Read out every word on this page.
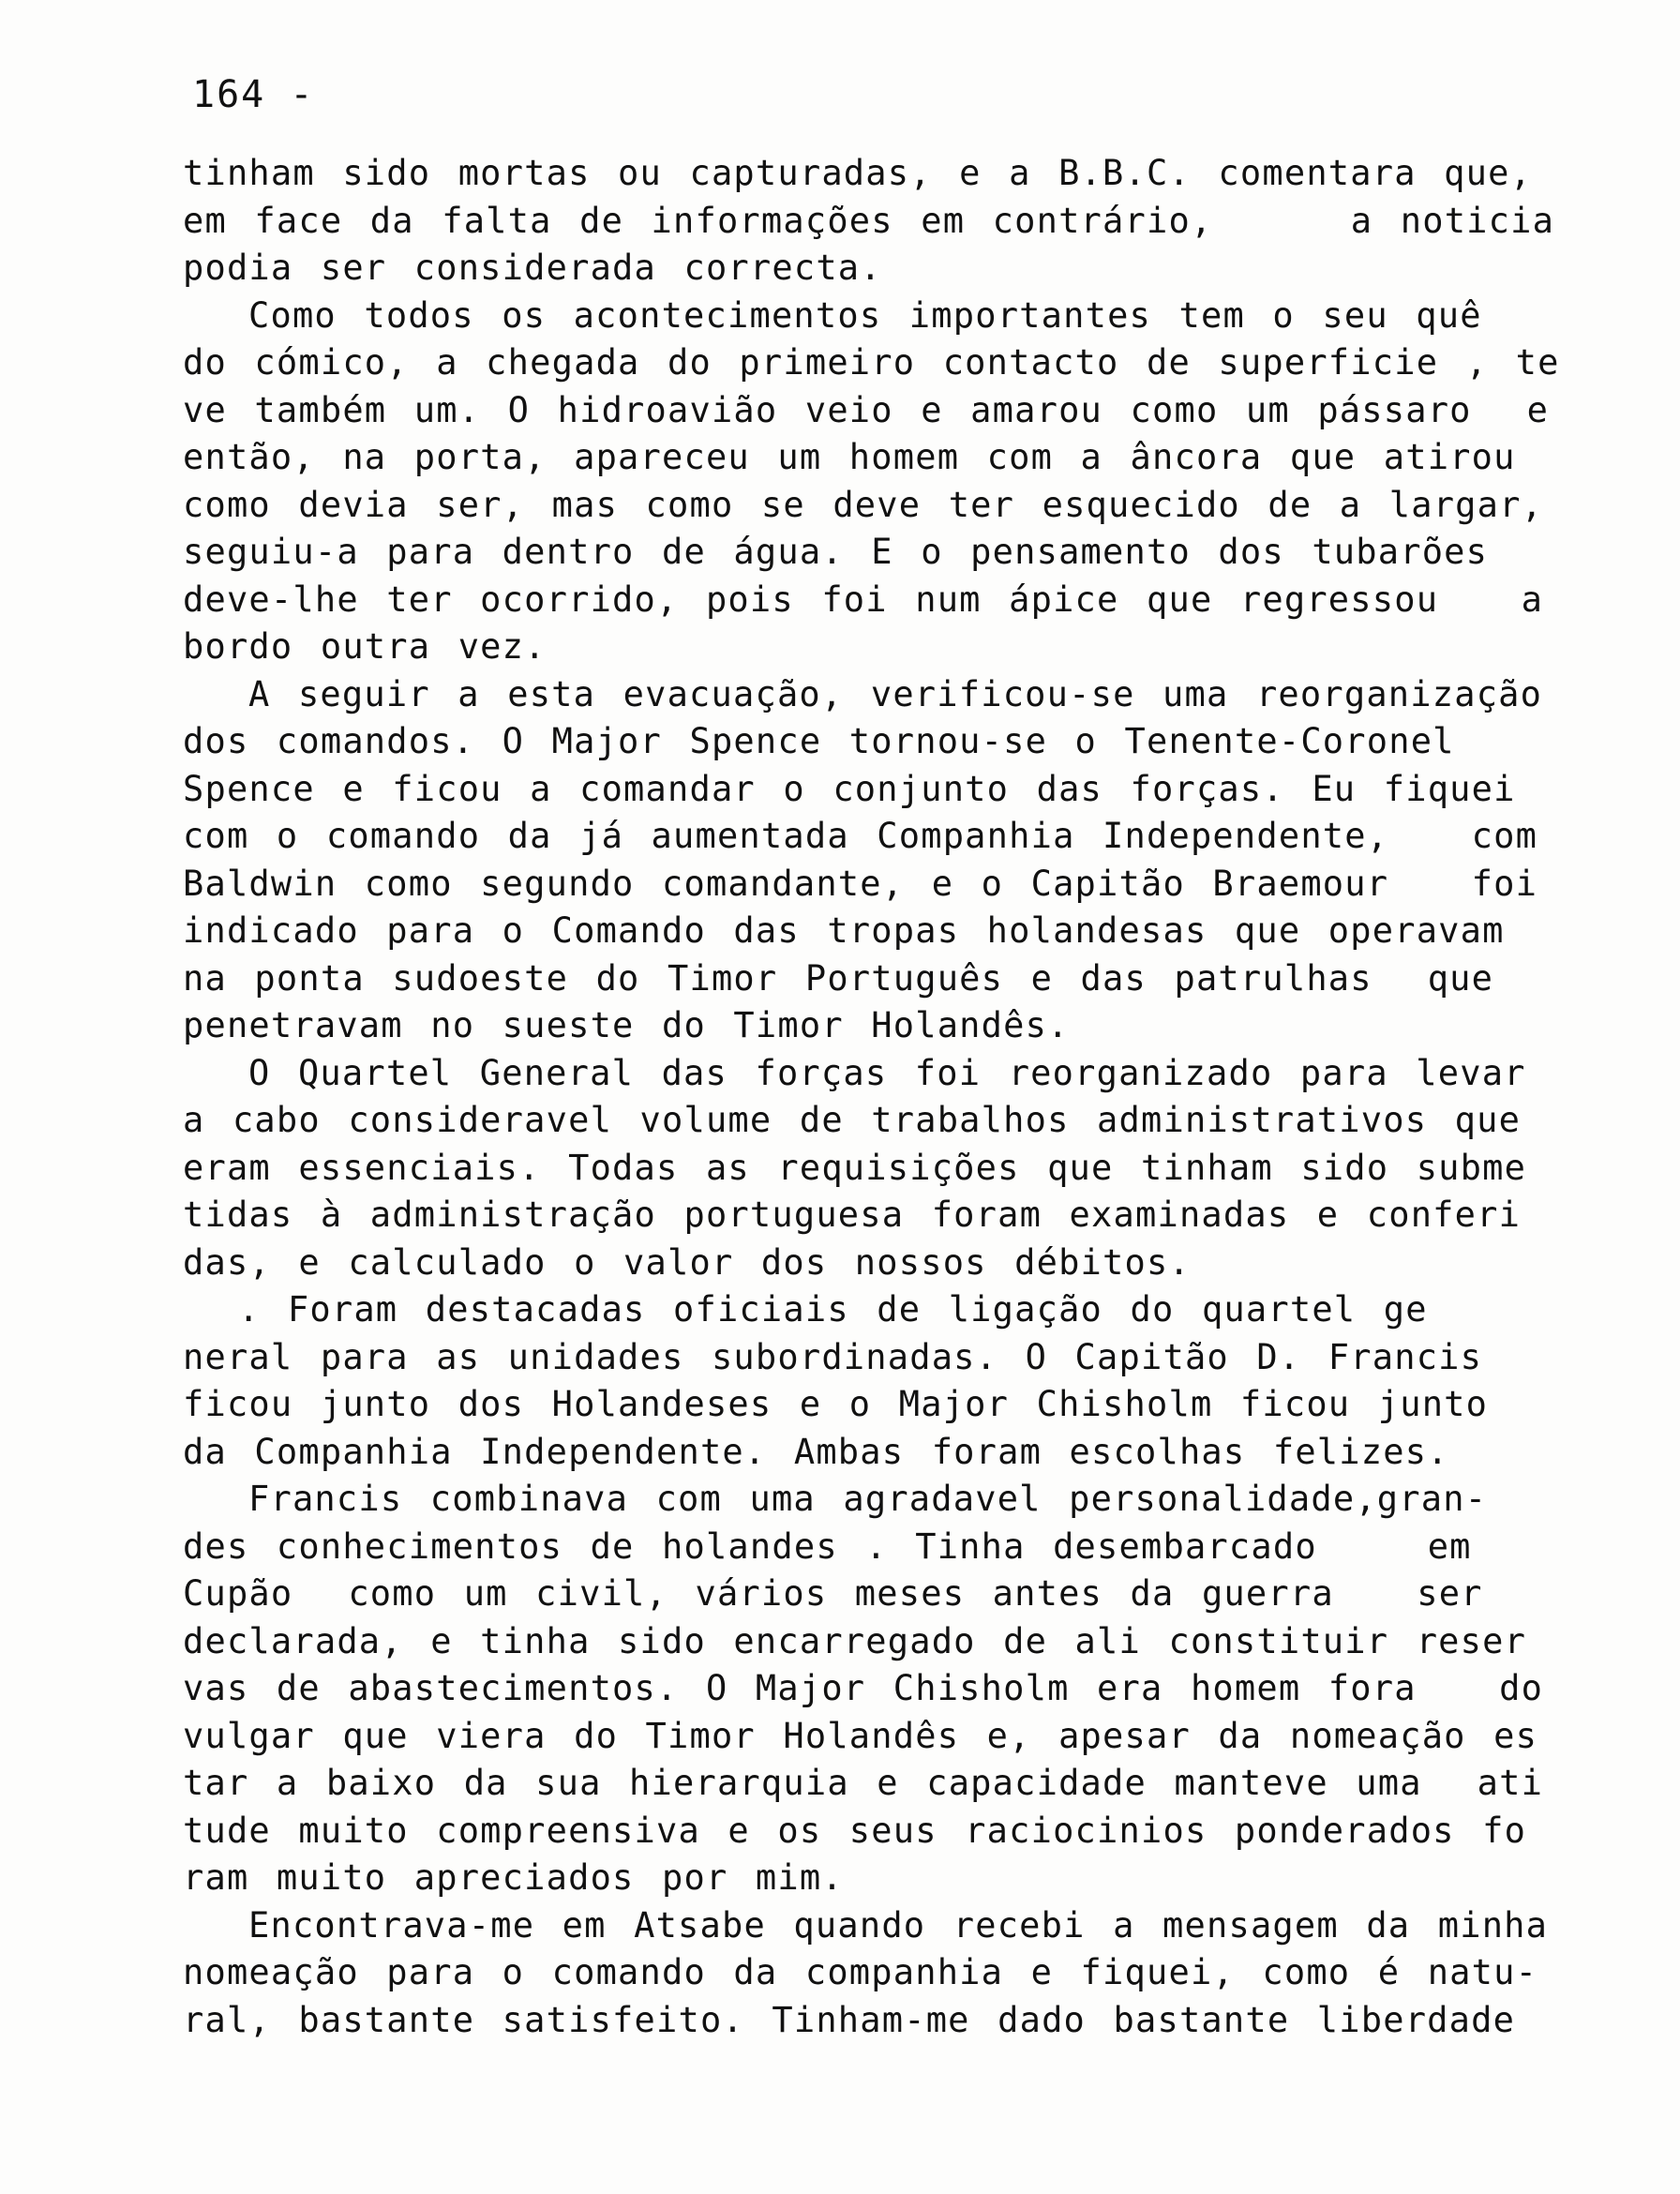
164 -
tinham sido mortas ou capturadas, e a B.B.C. comentara que,
em face da falta de informações em contrário,     a noticia
podia ser considerada correcta.
Como todos os acontecimentos importantes tem o seu quê
do cómico, a chegada do primeiro contacto de superficie , te
ve também um. O hidroavião veio e amarou como um pássaro  e
então, na porta, apareceu um homem com a âncora que atirou
como devia ser, mas como se deve ter esquecido de a largar,
seguiu-a para dentro de água. E o pensamento dos tubarões
deve-lhe ter ocorrido, pois foi num ápice que regressou   a
bordo outra vez.
A seguir a esta evacuação, verificou-se uma reorganização
dos comandos. O Major Spence tornou-se o Tenente-Coronel
Spence e ficou a comandar o conjunto das forças. Eu fiquei
com o comando da já aumentada Companhia Independente,   com
Baldwin como segundo comandante, e o Capitão Braemour   foi
indicado para o Comando das tropas holandesas que operavam
na ponta sudoeste do Timor Português e das patrulhas  que
penetravam no sueste do Timor Holandês.
O Quartel General das forças foi reorganizado para levar
a cabo consideravel volume de trabalhos administrativos que
eram essenciais. Todas as requisições que tinham sido subme
tidas à administração portuguesa foram examinadas e conferi
das, e calculado o valor dos nossos débitos.
. Foram destacadas oficiais de ligação do quartel ge
neral para as unidades subordinadas. O Capitão D. Francis
ficou junto dos Holandeses e o Major Chisholm ficou junto
da Companhia Independente. Ambas foram escolhas felizes.
Francis combinava com uma agradavel personalidade,gran-
des conhecimentos de holandes . Tinha desembarcado    em
Cupão  como um civil, vários meses antes da guerra   ser
declarada, e tinha sido encarregado de ali constituir reser
vas de abastecimentos. O Major Chisholm era homem fora   do
vulgar que viera do Timor Holandês e, apesar da nomeação es
tar a baixo da sua hierarquia e capacidade manteve uma  ati
tude muito compreensiva e os seus raciocinios ponderados fo
ram muito apreciados por mim.
Encontrava-me em Atsabe quando recebi a mensagem da minha
nomeação para o comando da companhia e fiquei, como é natu-
ral, bastante satisfeito. Tinham-me dado bastante liberdade
